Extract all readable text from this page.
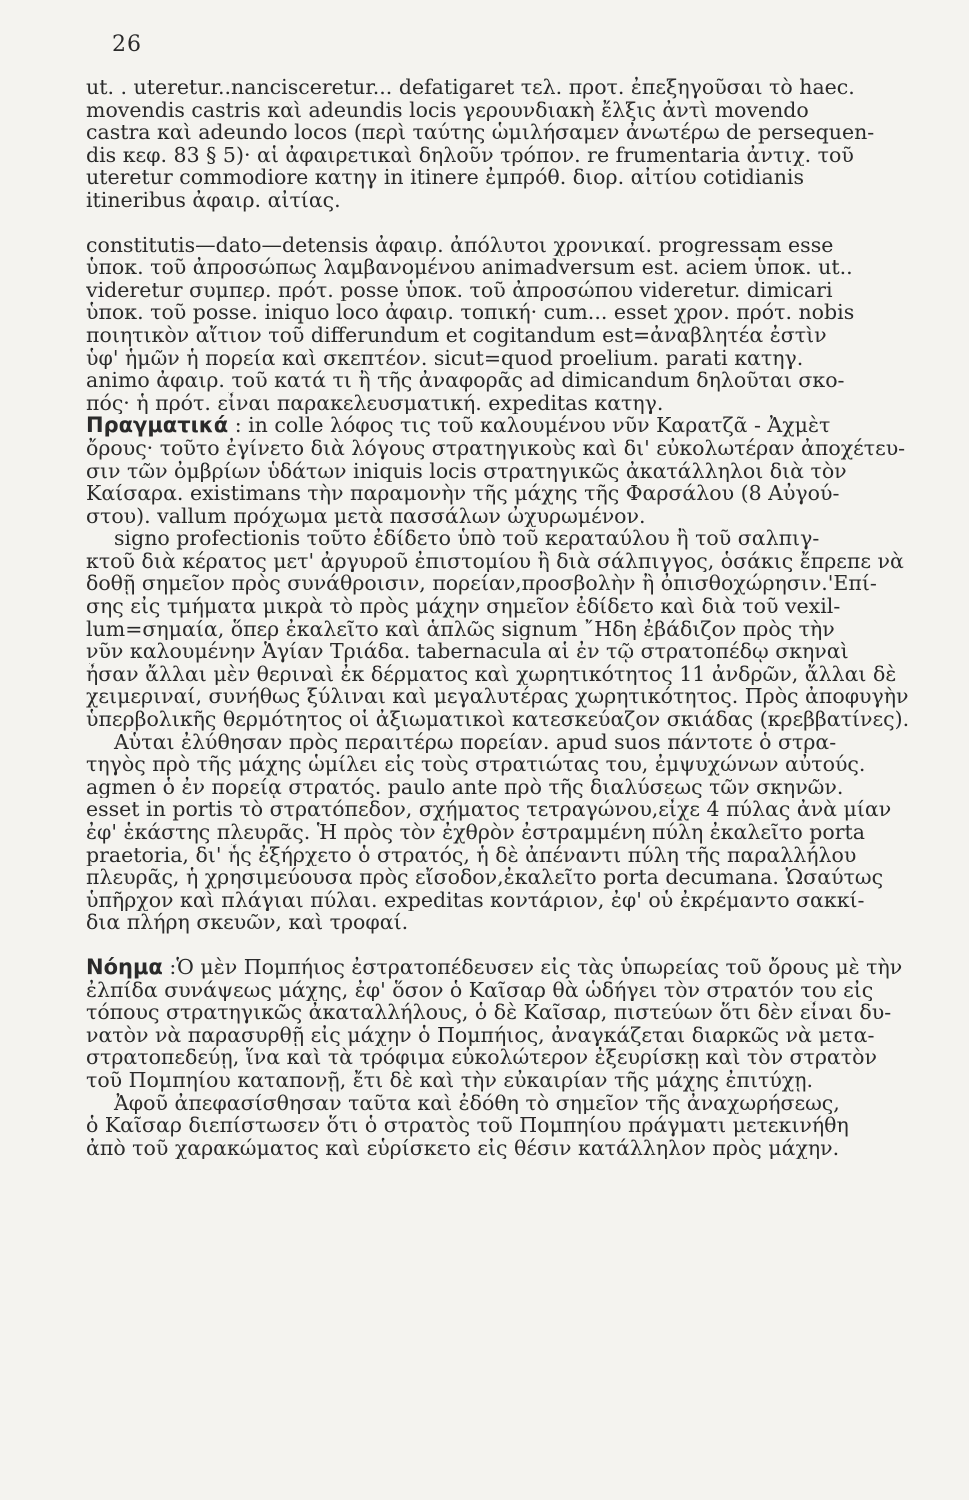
26
ut. . uteretur..nancisceretur... defatigaret τελ. προτ. ἐπεξηγοῦσαι τὸ haec.
movendis castris καὶ adeundis locis γερουνδιακὴ ἔλξις ἀντὶ movendo
castra καὶ adeundo locos (περὶ ταύτης ὡμιλήσαμεν ἀνωτέρω de persequen-
dis κεφ. 83 § 5)· αἱ ἀφαιρετικαὶ δηλοῦν τρόπον. re frumentaria ἀντιχ. τοῦ
uteretur commodiore κατηγ in itinere ἐμπρόθ. διορ. αἰτίου cotidianis
itineribus ἀφαιρ. αἰτίας.
constitutis—dato—detensis ἀφαιρ. ἀπόλυτοι χρονικαί. progressam esse
ὑποκ. τοῦ ἀπροσώπως λαμβανομένου animadversum est. aciem ὑποκ. ut..
videretur συμπερ. πρότ. posse ὑποκ. τοῦ ἀπροσώπου videretur. dimicari
ὑποκ. τοῦ posse. iniquo loco ἀφαιρ. τοπική· cum... esset χρον. πρότ. nobis
ποιητικὸν αἴτιον τοῦ differundum et cogitandum est=ἀναβλητέα ἐστὶν
ὑφ' ἡμῶν ἡ πορεία καὶ σκεπτέον. sicut=quod proelium. parati κατηγ.
animo ἀφαιρ. τοῦ κατά τι ἢ τῆς ἀναφορᾶς ad dimicandum δηλοῦται σκο-
πός· ἡ πρότ. εἶναι παρακελευσματική. expeditas κατηγ.
Πραγματικά : in colle λόφος τις τοῦ καλουμένου νῦν Καρατζᾶ - Ἀχμὲτ
ὄρους· τοῦτο ἐγίνετο διὰ λόγους στρατηγικοὺς καὶ δι' εὐκολωτέραν ἀποχέτευ-
σιν τῶν ὀμβρίων ὑδάτων iniquis locis στρατηγικῶς ἀκατάλληλοι διὰ τὸν
Καίσαρα. existimans τὴν παραμονὴν τῆς μάχης τῆς Φαρσάλου (8 Αὐγού-
στου). vallum πρόχωμα μετὰ πασσάλων ὠχυρωμένον.
signo profectionis τοῦτο ἐδίδετο ὑπὸ τοῦ κεραταύλου ἢ τοῦ σαλπιγ-
κτοῦ διὰ κέρατος μετ' ἀργυροῦ ἐπιστομίου ἢ διὰ σάλπιγγος, ὁσάκις ἔπρεπε νὰ
δοθῇ σημεῖον πρὸς συνάθροισιν, πορείαν,προσβολὴν ἢ ὀπισθοχώρησιν.'Επί-
σης εἰς τμήματα μικρὰ τὸ πρὸς μάχην σημεῖον ἐδίδετο καὶ διὰ τοῦ vexil-
lum=σημαία, ὅπερ ἐκαλεῖτο καὶ ἁπλῶς signum ῎Ηδη ἐβάδιζον πρὸς τὴν
νῦν καλουμένην Ἁγίαν Τριάδα. tabernacula αἱ ἐν τῷ στρατοπέδῳ σκηναὶ
ἦσαν ἄλλαι μὲν θεριναὶ ἐκ δέρματος καὶ χωρητικότητος 11 ἀνδρῶν, ἄλλαι δὲ
χειμεριναί, συνήθως ξύλιναι καὶ μεγαλυτέρας χωρητικότητος. Πρὸς ἀποφυγὴν
ὑπερβολικῆς θερμότητος οἱ ἀξιωματικοὶ κατεσκεύαζον σκιάδας (κρεββατίνες).
Αὗται ἐλύθησαν πρὸς περαιτέρω πορείαν. apud suos πάντοτε ὁ στρα-
τηγὸς πρὸ τῆς μάχης ὡμίλει εἰς τοὺς στρατιώτας του, ἐμψυχώνων αὐτούς.
agmen ὁ ἐν πορείᾳ στρατός. paulo ante πρὸ τῆς διαλύσεως τῶν σκηνῶν.
esset in portis τὸ στρατόπεδον, σχήματος τετραγώνου,εἶχε 4 πύλας ἀνὰ μίαν
ἐφ' ἑκάστης πλευρᾶς. Ἡ πρὸς τὸν ἐχθρὸν ἐστραμμένη πύλη ἐκαλεῖτο porta
praetoria, δι' ἧς ἐξήρχετο ὁ στρατός, ἡ δὲ ἀπέναντι πύλη τῆς παραλλήλου
πλευρᾶς, ἡ χρησιμεύουσα πρὸς εἴσοδον,ἐκαλεῖτο porta decumana. Ὡσαύτως
ὑπῆρχον καὶ πλάγιαι πύλαι. expeditas κοντάριον, ἐφ' οὗ ἐκρέμαντο σακκί-
δια πλήρη σκευῶν, καὶ τροφαί.
Νόημα :Ὁ μὲν Πομπήιος ἐστρατοπέδευσεν εἰς τὰς ὑπωρείας τοῦ ὄρους μὲ τὴν
ἐλπίδα συνάψεως μάχης, ἐφ' ὅσον ὁ Καῖσαρ θὰ ὡδήγει τὸν στρατόν του εἰς
τόπους στρατηγικῶς ἀκαταλλήλους, ὁ δὲ Καῖσαρ, πιστεύων ὅτι δὲν εἶναι δυ-
νατὸν νὰ παρασυρθῇ εἰς μάχην ὁ Πομπήιος, ἀναγκάζεται διαρκῶς νὰ μετα-
στρατοπεδεύῃ, ἵνα καὶ τὰ τρόφιμα εὐκολώτερον ἐξευρίσκῃ καὶ τὸν στρατὸν
τοῦ Πομπηίου καταπονῇ, ἔτι δὲ καὶ τὴν εὐκαιρίαν τῆς μάχης ἐπιτύχῃ.
Ἀφοῦ ἀπεφασίσθησαν ταῦτα καὶ ἐδόθη τὸ σημεῖον τῆς ἀναχωρήσεως,
ὁ Καῖσαρ διεπίστωσεν ὅτι ὁ στρατὸς τοῦ Πομπηίου πράγματι μετεκινήθη
ἀπὸ τοῦ χαρακώματος καὶ εὑρίσκετο εἰς θέσιν κατάλληλον πρὸς μάχην.
